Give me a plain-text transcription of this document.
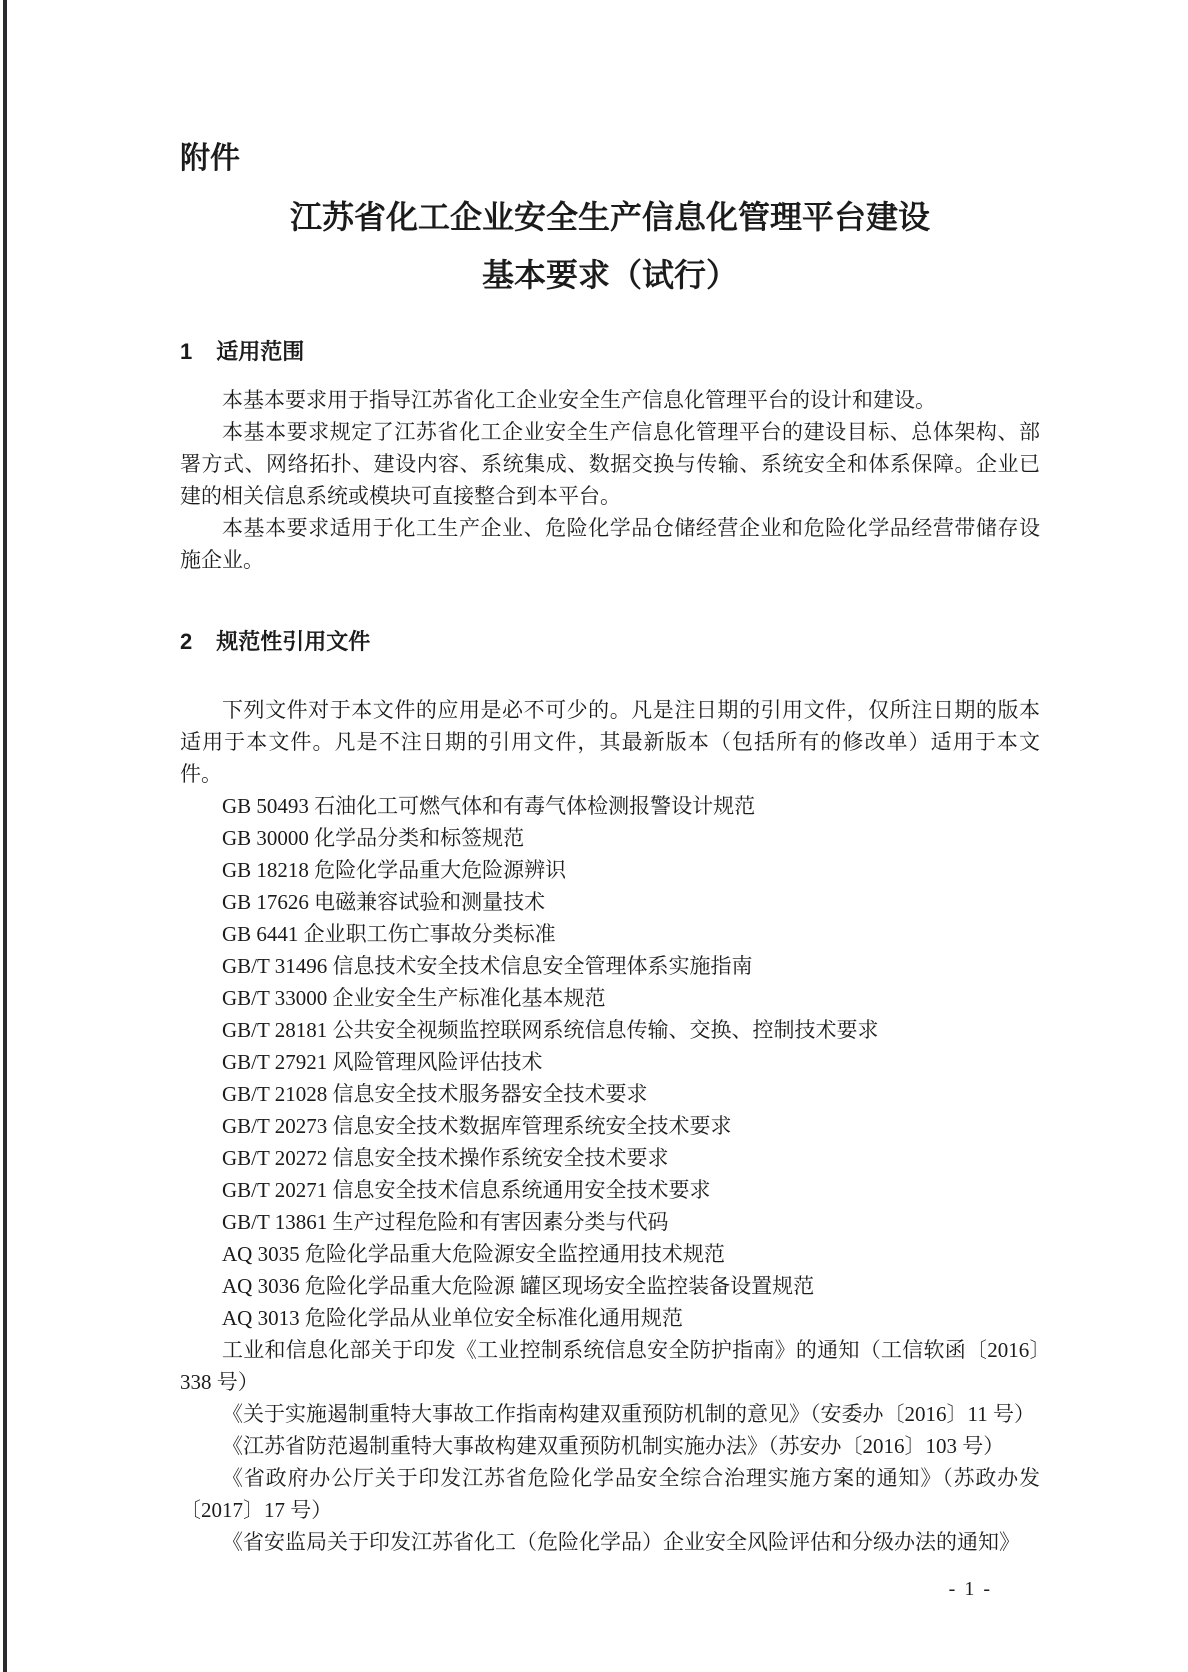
附件
江苏省化工企业安全生产信息化管理平台建设
基本要求（试行）
1 适用范围

本基本要求用于指导江苏省化工企业安全生产信息化管理平台的设计和建设。

本基本要求规定了江苏省化工企业安全生产信息化管理平台的建设目标、总体架构、部署方式、网络拓扑、建设内容、系统集成、数据交换与传输、系统安全和体系保障。企业已建的相关信息系统或模块可直接整合到本平台。

本基本要求适用于化工生产企业、危险化学品仓储经营企业和危险化学品经营带储存设施企业。

2 规范性引用文件

下列文件对于本文件的应用是必不可少的。凡是注日期的引用文件，仅所注日期的版本适用于本文件。凡是不注日期的引用文件，其最新版本（包括所有的修改单）适用于本文件。

GB 50493 石油化工可燃气体和有毒气体检测报警设计规范

GB 30000 化学品分类和标签规范

GB 18218 危险化学品重大危险源辨识

GB 17626 电磁兼容试验和测量技术

GB 6441 企业职工伤亡事故分类标准

GB/T 31496 信息技术安全技术信息安全管理体系实施指南

GB/T 33000 企业安全生产标准化基本规范

GB/T 28181 公共安全视频监控联网系统信息传输、交换、控制技术要求

GB/T 27921 风险管理风险评估技术

GB/T 21028 信息安全技术服务器安全技术要求

GB/T 20273 信息安全技术数据库管理系统安全技术要求

GB/T 20272 信息安全技术操作系统安全技术要求

GB/T 20271 信息安全技术信息系统通用安全技术要求

GB/T 13861 生产过程危险和有害因素分类与代码

AQ 3035 危险化学品重大危险源安全监控通用技术规范

AQ 3036 危险化学品重大危险源 罐区现场安全监控装备设置规范

AQ 3013 危险化学品从业单位安全标准化通用规范

工业和信息化部关于印发《工业控制系统信息安全防护指南》的通知（工信软函〔2016〕338 号）

《关于实施遏制重特大事故工作指南构建双重预防机制的意见》（安委办〔2016〕11 号）

《江苏省防范遏制重特大事故构建双重预防机制实施办法》（苏安办〔2016〕103 号）

《省政府办公厅关于印发江苏省危险化学品安全综合治理实施方案的通知》（苏政办发〔2017〕17 号）

《省安监局关于印发江苏省化工（危险化学品）企业安全风险评估和分级办法的通知》

- 1 -
